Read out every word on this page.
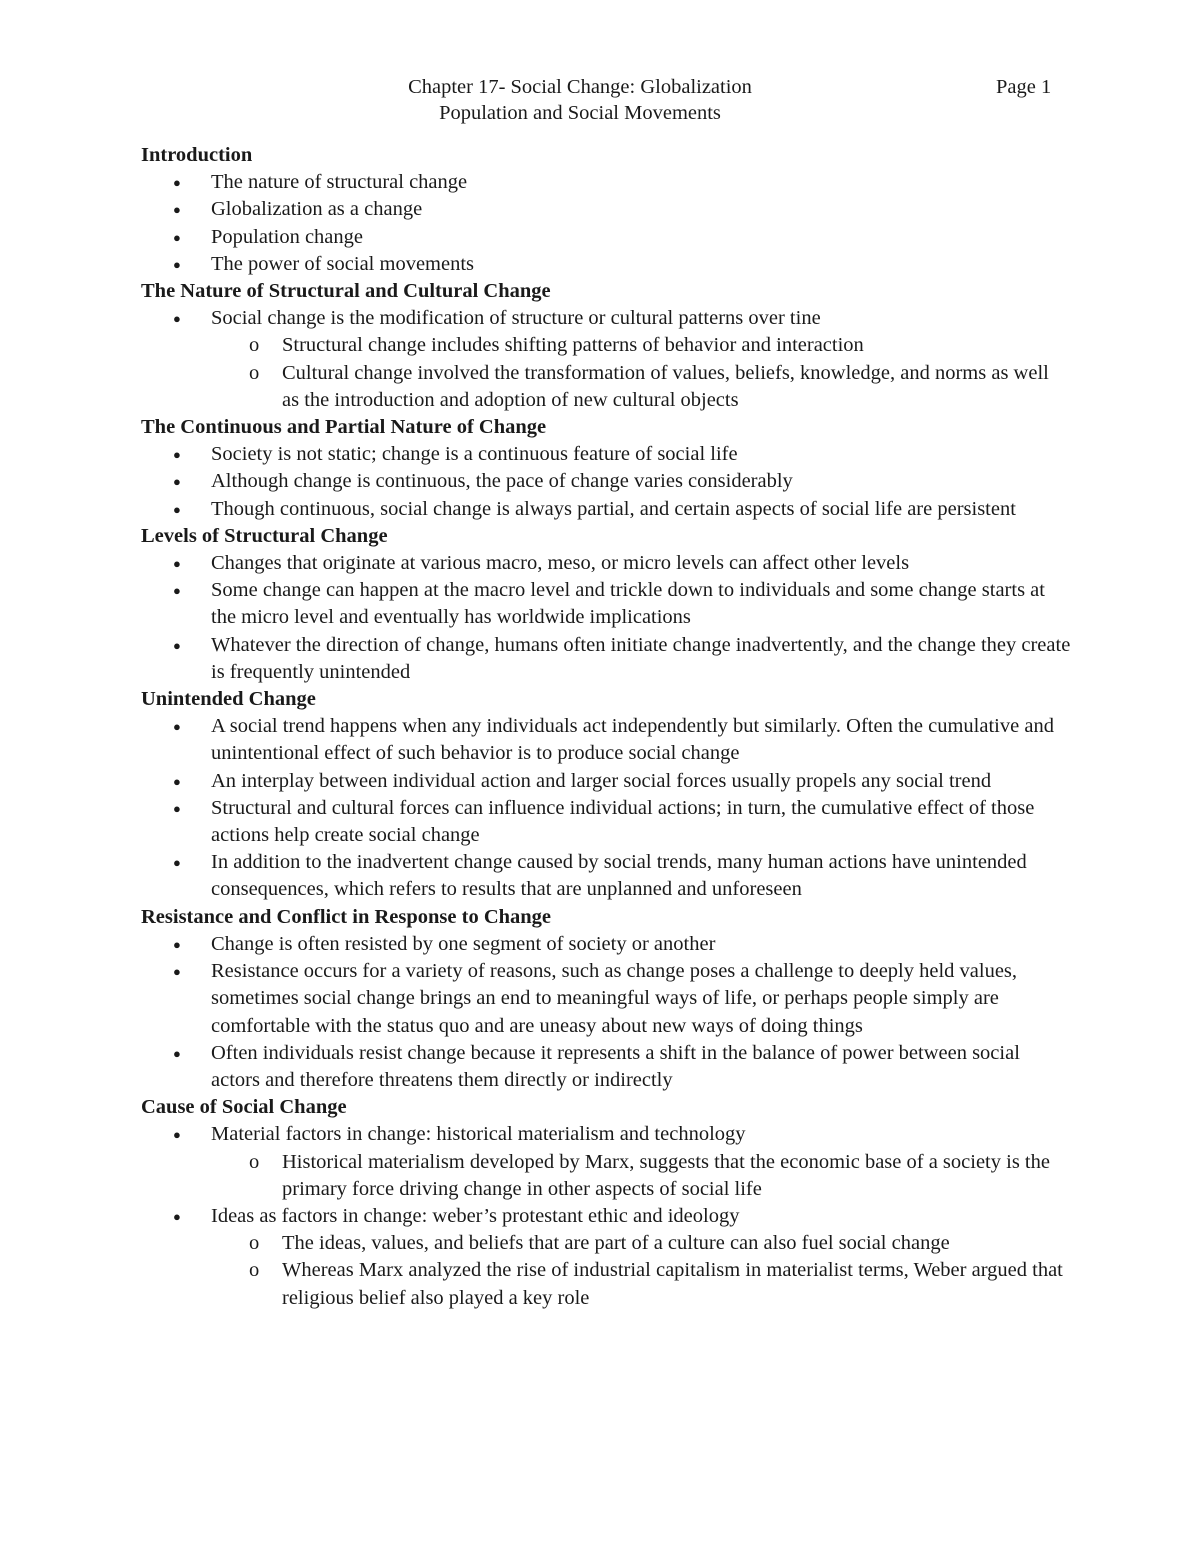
Chapter 17- Social Change: Globalization
Population and Social Movements
Page 1
Introduction
● The nature of structural change
● Globalization as a change
● Population change
● The power of social movements
The Nature of Structural and Cultural Change
● Social change is the modification of structure or cultural patterns over tine
o Structural change includes shifting patterns of behavior and interaction
o Cultural change involved the transformation of values, beliefs, knowledge, and norms as well as the introduction and adoption of new cultural objects
The Continuous and Partial Nature of Change
● Society is not static; change is a continuous feature of social life
● Although change is continuous, the pace of change varies considerably
● Though continuous, social change is always partial, and certain aspects of social life are persistent
Levels of Structural Change
● Changes that originate at various macro, meso, or micro levels can affect other levels
● Some change can happen at the macro level and trickle down to individuals and some change starts at the micro level and eventually has worldwide implications
● Whatever the direction of change, humans often initiate change inadvertently, and the change they create is frequently unintended
Unintended Change
● A social trend happens when any individuals act independently but similarly. Often the cumulative and unintentional effect of such behavior is to produce social change
● An interplay between individual action and larger social forces usually propels any social trend
● Structural and cultural forces can influence individual actions; in turn, the cumulative effect of those actions help create social change
● In addition to the inadvertent change caused by social trends, many human actions have unintended consequences, which refers to results that are unplanned and unforeseen
Resistance and Conflict in Response to Change
● Change is often resisted by one segment of society or another
● Resistance occurs for a variety of reasons, such as change poses a challenge to deeply held values, sometimes social change brings an end to meaningful ways of life, or perhaps people simply are comfortable with the status quo and are uneasy about new ways of doing things
● Often individuals resist change because it represents a shift in the balance of power between social actors and therefore threatens them directly or indirectly
Cause of Social Change
● Material factors in change: historical materialism and technology
o Historical materialism developed by Marx, suggests that the economic base of a society is the primary force driving change in other aspects of social life
● Ideas as factors in change: weber’s protestant ethic and ideology
o The ideas, values, and beliefs that are part of a culture can also fuel social change
o Whereas Marx analyzed the rise of industrial capitalism in materialist terms, Weber argued that religious belief also played a key role
